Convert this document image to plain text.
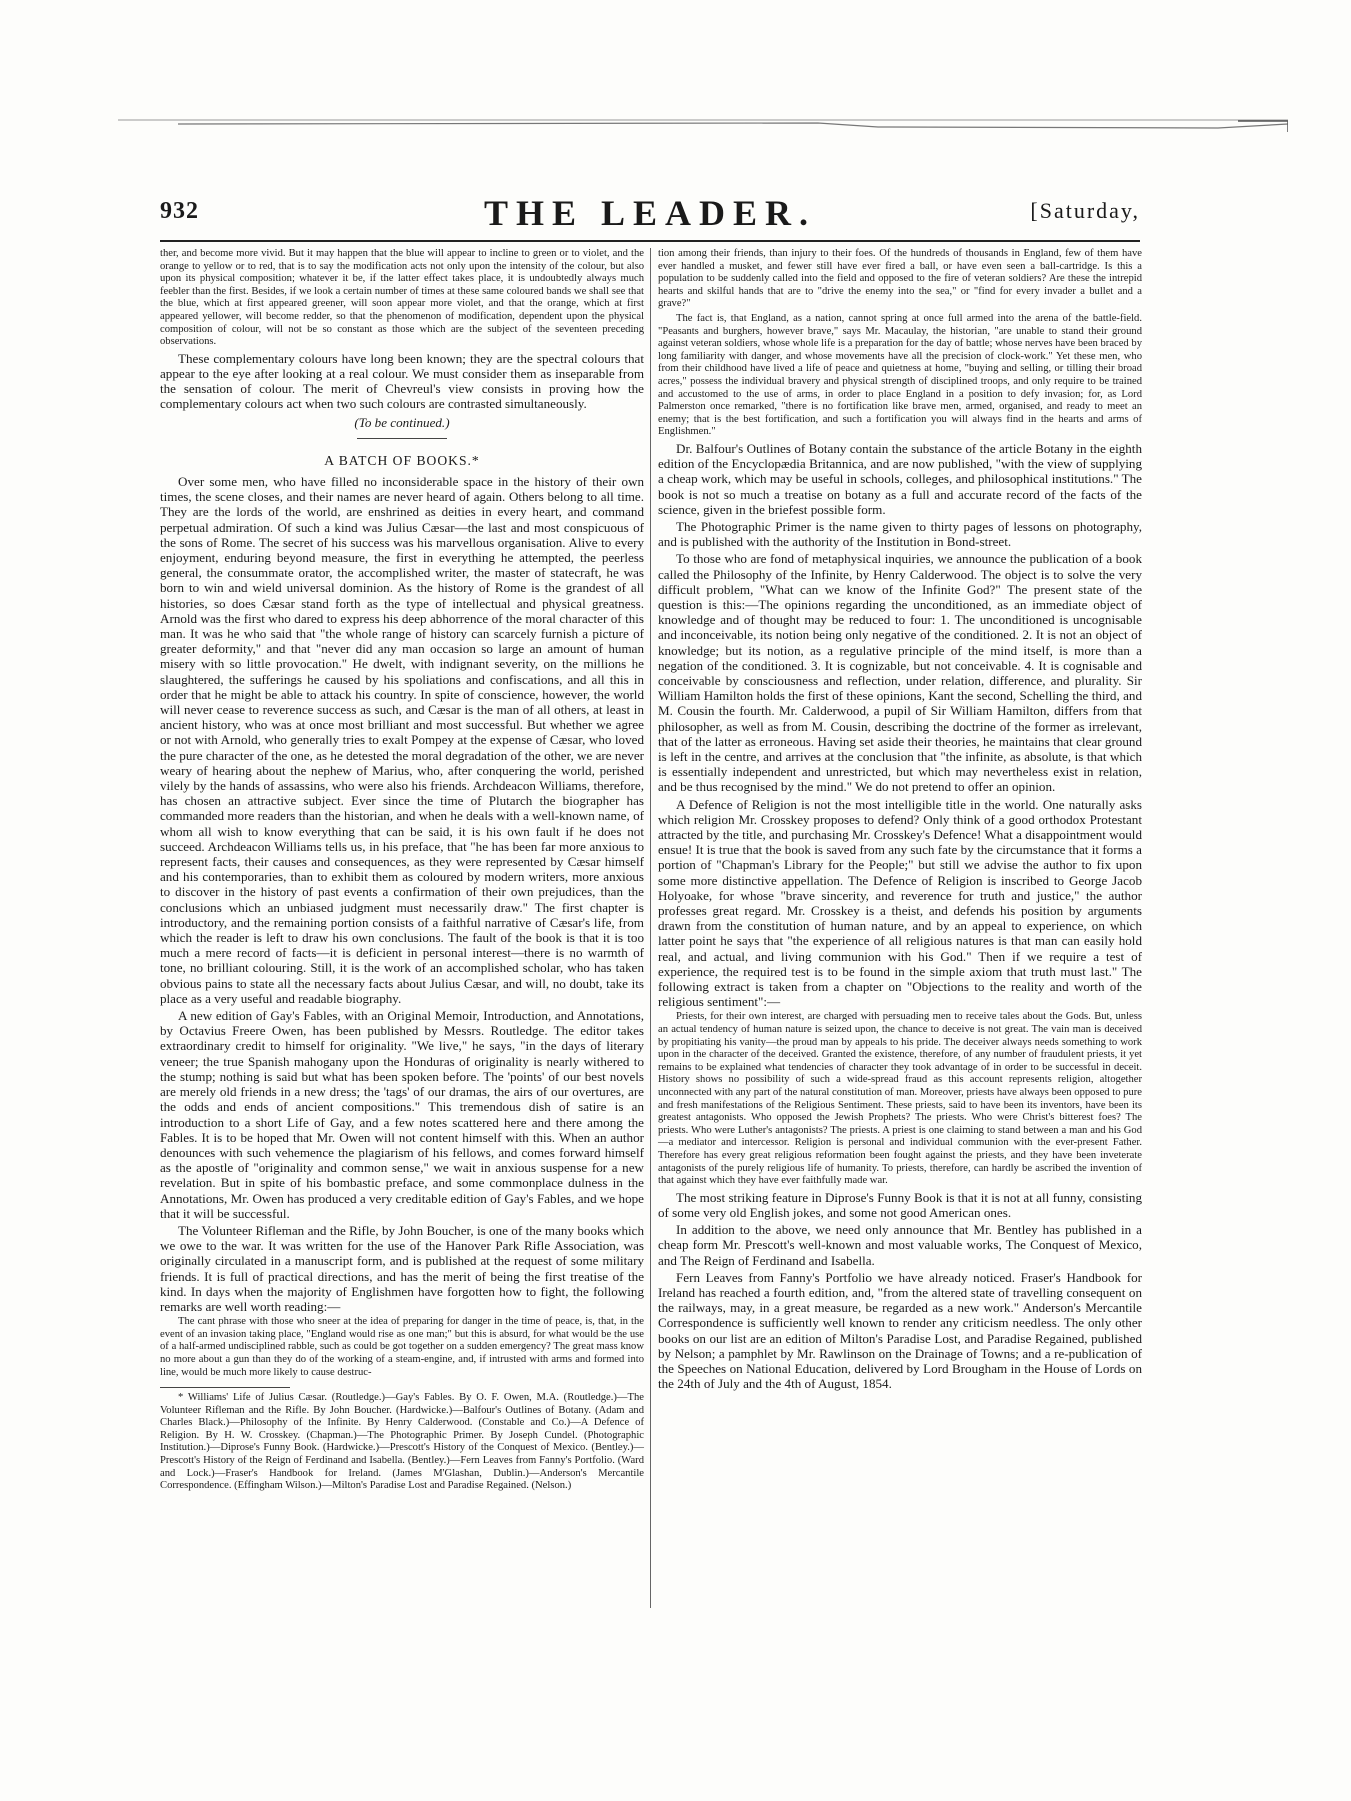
932	THE LEADER.	[Saturday,

ther, and become more vivid. But it may happen that the blue will appear to incline to green or to violet, and the orange to yellow or to red, that is to say the modification acts not only upon the intensity of the colour, but also upon its physical composition; whatever it be, if the latter effect takes place, it is undoubtedly always much feebler than the first. Besides, if we look a certain number of times at these same coloured bands we shall see that the blue, which at first appeared greener, will soon appear more violet, and that the orange, which at first appeared yellower, will become redder, so that the phenomenon of modification, dependent upon the physical composition of colour, will not be so constant as those which are the subject of the seventeen preceding observations.

These complementary colours have long been known; they are the spectral colours that appear to the eye after looking at a real colour. We must consider them as inseparable from the sensation of colour. The merit of Chevreul's view consists in proving how the complementary colours act when two such colours are contrasted simultaneously.

(To be continued.)
A BATCH OF BOOKS.*

Over some men, who have filled no inconsiderable space in the history of their own times, the scene closes, and their names are never heard of again. Others belong to all time. They are the lords of the world, are enshrined as deities in every heart, and command perpetual admiration. Of such a kind was Julius Cæsar—the last and most conspicuous of the sons of Rome. The secret of his success was his marvellous organisation. Alive to every enjoyment, enduring beyond measure, the first in everything he attempted, the peerless general, the consummate orator, the accomplished writer, the master of statecraft, he was born to win and wield universal dominion. As the history of Rome is the grandest of all histories, so does Cæsar stand forth as the type of intellectual and physical greatness. Arnold was the first who dared to express his deep abhorrence of the moral character of this man. It was he who said that "the whole range of history can scarcely furnish a picture of greater deformity," and that "never did any man occasion so large an amount of human misery with so little provocation." He dwelt, with indignant severity, on the millions he slaughtered, the sufferings he caused by his spoliations and confiscations, and all this in order that he might be able to attack his country. In spite of conscience, however, the world will never cease to reverence success as such, and Cæsar is the man of all others, at least in ancient history, who was at once most brilliant and most successful. But whether we agree or not with Arnold, who generally tries to exalt Pompey at the expense of Cæsar, who loved the pure character of the one, as he detested the moral degradation of the other, we are never weary of hearing about the nephew of Marius, who, after conquering the world, perished vilely by the hands of assassins, who were also his friends. Archdeacon Williams, therefore, has chosen an attractive subject. Ever since the time of Plutarch the biographer has commanded more readers than the historian, and when he deals with a well-known name, of whom all wish to know everything that can be said, it is his own fault if he does not succeed. Archdeacon Williams tells us, in his preface, that "he has been far more anxious to represent facts, their causes and consequences, as they were represented by Cæsar himself and his contemporaries, than to exhibit them as coloured by modern writers, more anxious to discover in the history of past events a confirmation of their own prejudices, than the conclusions which an unbiased judgment must necessarily draw." The first chapter is introductory, and the remaining portion consists of a faithful narrative of Cæsar's life, from which the reader is left to draw his own conclusions. The fault of the book is that it is too much a mere record of facts—it is deficient in personal interest—there is no warmth of tone, no brilliant colouring. Still, it is the work of an accomplished scholar, who has taken obvious pains to state all the necessary facts about Julius Cæsar, and will, no doubt, take its place as a very useful and readable biography.

A new edition of Gay's Fables, with an Original Memoir, Introduction, and Annotations, by Octavius Freere Owen, has been published by Messrs. Routledge. The editor takes extraordinary credit to himself for originality. "We live," he says, "in the days of literary veneer; the true Spanish mahogany upon the Honduras of originality is nearly withered to the stump; nothing is said but what has been spoken before. The 'points' of our best novels are merely old friends in a new dress; the 'tags' of our dramas, the airs of our overtures, are the odds and ends of ancient compositions." This tremendous dish of satire is an introduction to a short Life of Gay, and a few notes scattered here and there among the Fables. It is to be hoped that Mr. Owen will not content himself with this. When an author denounces with such vehemence the plagiarism of his fellows, and comes forward himself as the apostle of "originality and common sense," we wait in anxious suspense for a new revelation. But in spite of his bombastic preface, and some commonplace dulness in the Annotations, Mr. Owen has produced a very creditable edition of Gay's Fables, and we hope that it will be successful.

The Volunteer Rifleman and the Rifle, by John Boucher, is one of the many books which we owe to the war. It was written for the use of the Hanover Park Rifle Association, was originally circulated in a manuscript form, and is published at the request of some military friends. It is full of practical directions, and has the merit of being the first treatise of the kind. In days when the majority of Englishmen have forgotten how to fight, the following remarks are well worth reading:—

The cant phrase with those who sneer at the idea of preparing for danger in the time of peace, is, that, in the event of an invasion taking place, "England would rise as one man;" but this is absurd, for what would be the use of a half-armed undisciplined rabble, such as could be got together on a sudden emergency? The great mass know no more about a gun than they do of the working of a steam-engine, and, if intrusted with arms and formed into line, would be much more likely to cause destruc-

* Williams' Life of Julius Cæsar. (Routledge.)—Gay's Fables. By O. F. Owen, M.A. (Routledge.)—The Volunteer Rifleman and the Rifle. By John Boucher. (Hardwicke.)—Balfour's Outlines of Botany. (Adam and Charles Black.)—Philosophy of the Infinite. By Henry Calderwood. (Constable and Co.)—A Defence of Religion. By H. W. Crosskey. (Chapman.)—The Photographic Primer. By Joseph Cundel. (Photographic Institution.)—Diprose's Funny Book. (Hardwicke.)—Prescott's History of the Conquest of Mexico. (Bentley.)—Prescott's History of the Reign of Ferdinand and Isabella. (Bentley.)—Fern Leaves from Fanny's Portfolio. (Ward and Lock.)—Fraser's Handbook for Ireland. (James M'Glashan, Dublin.)—Anderson's Mercantile Correspondence. (Effingham Wilson.)—Milton's Paradise Lost and Paradise Regained. (Nelson.)

tion among their friends, than injury to their foes. Of the hundreds of thousands in England, few of them have ever handled a musket, and fewer still have ever fired a ball, or have even seen a ball-cartridge. Is this a population to be suddenly called into the field and opposed to the fire of veteran soldiers? Are these the intrepid hearts and skilful hands that are to "drive the enemy into the sea," or "find for every invader a bullet and a grave?"

The fact is, that England, as a nation, cannot spring at once full armed into the arena of the battle-field. "Peasants and burghers, however brave," says Mr. Macaulay, the historian, "are unable to stand their ground against veteran soldiers, whose whole life is a preparation for the day of battle; whose nerves have been braced by long familiarity with danger, and whose movements have all the precision of clock-work." Yet these men, who from their childhood have lived a life of peace and quietness at home, "buying and selling, or tilling their broad acres," possess the individual bravery and physical strength of disciplined troops, and only require to be trained and accustomed to the use of arms, in order to place England in a position to defy invasion; for, as Lord Palmerston once remarked, "there is no fortification like brave men, armed, organised, and ready to meet an enemy; that is the best fortification, and such a fortification you will always find in the hearts and arms of Englishmen."

Dr. Balfour's Outlines of Botany contain the substance of the article Botany in the eighth edition of the Encyclopædia Britannica, and are now published, "with the view of supplying a cheap work, which may be useful in schools, colleges, and philosophical institutions." The book is not so much a treatise on botany as a full and accurate record of the facts of the science, given in the briefest possible form.

The Photographic Primer is the name given to thirty pages of lessons on photography, and is published with the authority of the Institution in Bond-street.

To those who are fond of metaphysical inquiries, we announce the publication of a book called the Philosophy of the Infinite, by Henry Calderwood. The object is to solve the very difficult problem, "What can we know of the Infinite God?" The present state of the question is this:—The opinions regarding the unconditioned, as an immediate object of knowledge and of thought may be reduced to four: 1. The unconditioned is uncognisable and inconceivable, its notion being only negative of the conditioned. 2. It is not an object of knowledge; but its notion, as a regulative principle of the mind itself, is more than a negation of the conditioned. 3. It is cognizable, but not conceivable. 4. It is cognisable and conceivable by consciousness and reflection, under relation, difference, and plurality. Sir William Hamilton holds the first of these opinions, Kant the second, Schelling the third, and M. Cousin the fourth. Mr. Calderwood, a pupil of Sir William Hamilton, differs from that philosopher, as well as from M. Cousin, describing the doctrine of the former as irrelevant, that of the latter as erroneous. Having set aside their theories, he maintains that clear ground is left in the centre, and arrives at the conclusion that "the infinite, as absolute, is that which is essentially independent and unrestricted, but which may nevertheless exist in relation, and be thus recognised by the mind." We do not pretend to offer an opinion.

A Defence of Religion is not the most intelligible title in the world. One naturally asks which religion Mr. Crosskey proposes to defend? Only think of a good orthodox Protestant attracted by the title, and purchasing Mr. Crosskey's Defence! What a disappointment would ensue! It is true that the book is saved from any such fate by the circumstance that it forms a portion of "Chapman's Library for the People;" but still we advise the author to fix upon some more distinctive appellation. The Defence of Religion is inscribed to George Jacob Holyoake, for whose "brave sincerity, and reverence for truth and justice," the author professes great regard. Mr. Crosskey is a theist, and defends his position by arguments drawn from the constitution of human nature, and by an appeal to experience, on which latter point he says that "the experience of all religious natures is that man can easily hold real, and actual, and living communion with his God." Then if we require a test of experience, the required test is to be found in the simple axiom that truth must last." The following extract is taken from a chapter on "Objections to the reality and worth of the religious sentiment":—

Priests, for their own interest, are charged with persuading men to receive tales about the Gods. But, unless an actual tendency of human nature is seized upon, the chance to deceive is not great. The vain man is deceived by propitiating his vanity—the proud man by appeals to his pride. The deceiver always needs something to work upon in the character of the deceived. Granted the existence, therefore, of any number of fraudulent priests, it yet remains to be explained what tendencies of character they took advantage of in order to be successful in deceit. History shows no possibility of such a wide-spread fraud as this account represents religion, altogether unconnected with any part of the natural constitution of man. Moreover, priests have always been opposed to pure and fresh manifestations of the Religious Sentiment. These priests, said to have been its inventors, have been its greatest antagonists. Who opposed the Jewish Prophets? The priests. Who were Christ's bitterest foes? The priests. Who were Luther's antagonists? The priests. A priest is one claiming to stand between a man and his God—a mediator and intercessor. Religion is personal and individual communion with the ever-present Father. Therefore has every great religious reformation been fought against the priests, and they have been inveterate antagonists of the purely religious life of humanity. To priests, therefore, can hardly be ascribed the invention of that against which they have ever faithfully made war.

The most striking feature in Diprose's Funny Book is that it is not at all funny, consisting of some very old English jokes, and some not good American ones.

In addition to the above, we need only announce that Mr. Bentley has published in a cheap form Mr. Prescott's well-known and most valuable works, The Conquest of Mexico, and The Reign of Ferdinand and Isabella.

Fern Leaves from Fanny's Portfolio we have already noticed. Fraser's Handbook for Ireland has reached a fourth edition, and, "from the altered state of travelling consequent on the railways, may, in a great measure, be regarded as a new work." Anderson's Mercantile Correspondence is sufficiently well known to render any criticism needless. The only other books on our list are an edition of Milton's Paradise Lost, and Paradise Regained, published by Nelson; a pamphlet by Mr. Rawlinson on the Drainage of Towns; and a re-publication of the Speeches on National Education, delivered by Lord Brougham in the House of Lords on the 24th of July and the 4th of August, 1854.
